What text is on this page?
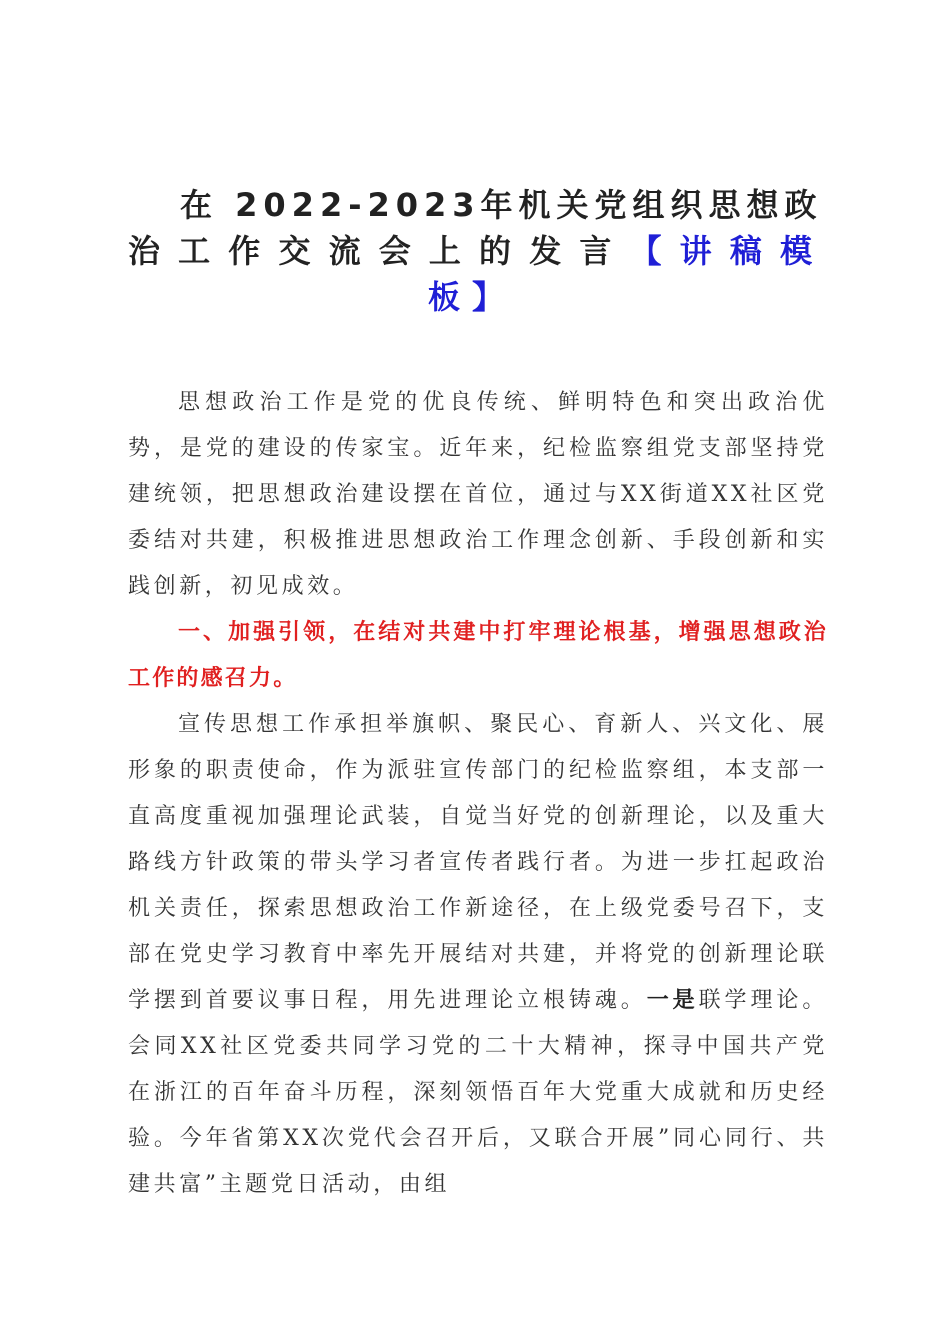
在 2022-2023年机关党组织思想政
治工作交流会上的发言【讲稿模
板】

思想政治工作是党的优良传统、鲜明特色和突出政治优势，是党的建设的传家宝。近年来，纪检监察组党支部坚持党建统领，把思想政治建设摆在首位，通过与XX街道XX社区党委结对共建，积极推进思想政治工作理念创新、手段创新和实践创新，初见成效。

一、加强引领，在结对共建中打牢理论根基，增强思想政治工作的感召力。

宣传思想工作承担举旗帜、聚民心、育新人、兴文化、展形象的职责使命，作为派驻宣传部门的纪检监察组，本支部一直高度重视加强理论武装，自觉当好党的创新理论，以及重大路线方针政策的带头学习者宣传者践行者。为进一步扛起政治机关责任，探索思想政治工作新途径，在上级党委号召下，支部在党史学习教育中率先开展结对共建，并将党的创新理论联学摆到首要议事日程，用先进理论立根铸魂。一是联学理论。会同XX社区党委共同学习党的二十大精神，探寻中国共产党在浙江的百年奋斗历程，深刻领悟百年大党重大成就和历史经验。今年省第XX次党代会召开后，又联合开展”同心同行、共建共富”主题党日活动，由组
